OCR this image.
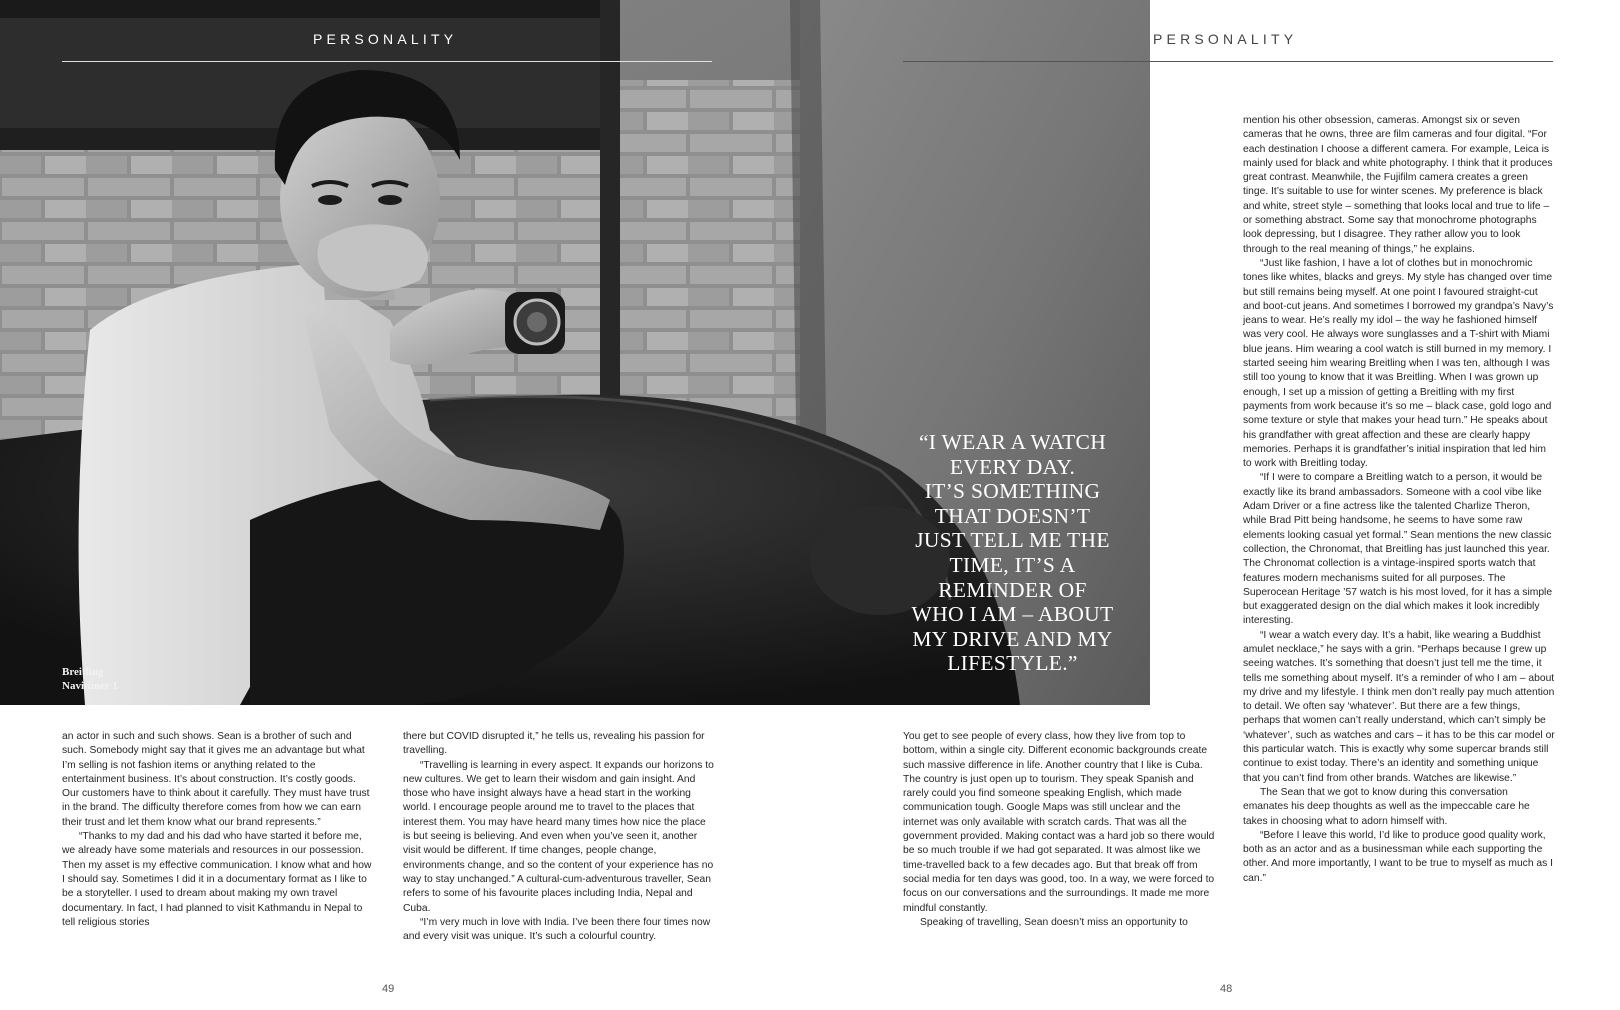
Breitling
Navitimer 1
“I WEAR A WATCH
EVERY DAY.
IT’S SOMETHING
THAT DOESN’T
JUST TELL ME THE
TIME, IT’S A
REMINDER OF
WHO I AM – ABOUT
MY DRIVE AND MY
LIFESTYLE.”
PERSONALITY	PERSONALITY

an actor in such and such shows. Sean is a brother of such and such. Somebody might say that it gives me an advantage but what I’m selling is not fashion items or anything related to the entertainment business. It’s about construction. It’s costly goods. Our customers have to think about it carefully. They must have trust in the brand. The difficulty therefore comes from how we can earn their trust and let them know what our brand represents.”

“Thanks to my dad and his dad who have started it before me, we already have some materials and resources in our possession. Then my asset is my effective communication. I know what and how I should say. Sometimes I did it in a documentary format as I like to be a storyteller. I used to dream about making my own travel documentary. In fact, I had planned to visit Kathmandu in Nepal to tell religious stories

there but COVID disrupted it,” he tells us, revealing his passion for travelling.

“Travelling is learning in every aspect. It expands our horizons to new cultures. We get to learn their wisdom and gain insight. And those who have insight always have a head start in the working world. I encourage people around me to travel to the places that interest them. You may have heard many times how nice the place is but seeing is believing. And even when you’ve seen it, another visit would be different. If time changes, people change, environments change, and so the content of your experience has no way to stay unchanged.” A cultural-cum-adventurous traveller, Sean refers to some of his favourite places including India, Nepal and Cuba.

“I’m very much in love with India. I’ve been there four times now and every visit was unique. It’s such a colourful country.

You get to see people of every class, how they live from top to bottom, within a single city. Different economic backgrounds create such massive difference in life. Another country that I like is Cuba. The country is just open up to tourism. They speak Spanish and rarely could you find someone speaking English, which made communication tough. Google Maps was still unclear and the internet was only available with scratch cards. That was all the government provided. Making contact was a hard job so there would be so much trouble if we had got separated. It was almost like we time-travelled back to a few decades ago. But that break off from social media for ten days was good, too. In a way, we were forced to focus on our conversations and the surroundings. It made me more mindful constantly.

Speaking of travelling, Sean doesn’t miss an opportunity to

mention his other obsession, cameras. Amongst six or seven cameras that he owns, three are film cameras and four digital. “For each destination I choose a different camera. For example, Leica is mainly used for black and white photography. I think that it produces great contrast. Meanwhile, the Fujifilm camera creates a green tinge. It’s suitable to use for winter scenes. My preference is black and white, street style – something that looks local and true to life – or something abstract. Some say that monochrome photographs look depressing, but I disagree. They rather allow you to look through to the real meaning of things,” he explains.

“Just like fashion, I have a lot of clothes but in monochromic tones like whites, blacks and greys. My style has changed over time but still remains being myself. At one point I favoured straight-cut and boot-cut jeans. And sometimes I borrowed my grandpa’s Navy’s jeans to wear. He’s really my idol – the way he fashioned himself was very cool. He always wore sunglasses and a T-shirt with Miami blue jeans. Him wearing a cool watch is still burned in my memory. I started seeing him wearing Breitling when I was ten, although I was still too young to know that it was Breitling. When I was grown up enough, I set up a mission of getting a Breitling with my first payments from work because it’s so me – black case, gold logo and some texture or style that makes your head turn.” He speaks about his grandfather with great affection and these are clearly happy memories. Perhaps it is grandfather’s initial inspiration that led him to work with Breitling today.

“If I were to compare a Breitling watch to a person, it would be exactly like its brand ambassadors. Someone with a cool vibe like Adam Driver or a fine actress like the talented Charlize Theron, while Brad Pitt being handsome, he seems to have some raw elements looking casual yet formal.” Sean mentions the new classic collection, the Chronomat, that Breitling has just launched this year. The Chronomat collection is a vintage-inspired sports watch that features modern mechanisms suited for all purposes. The Superocean Heritage ’57 watch is his most loved, for it has a simple but exaggerated design on the dial which makes it look incredibly interesting.

“I wear a watch every day. It’s a habit, like wearing a Buddhist amulet necklace,” he says with a grin. “Perhaps because I grew up seeing watches. It’s something that doesn’t just tell me the time, it tells me something about myself. It’s a reminder of who I am – about my drive and my lifestyle. I think men don’t really pay much attention to detail. We often say ‘whatever’. But there are a few things, perhaps that women can’t really understand, which can’t simply be ‘whatever’, such as watches and cars – it has to be this car model or this particular watch. This is exactly why some supercar brands still continue to exist today. There’s an identity and something unique that you can’t find from other brands. Watches are likewise.”

The Sean that we got to know during this conversation emanates his deep thoughts as well as the impeccable care he takes in choosing what to adorn himself with.

“Before I leave this world, I’d like to produce good quality work, both as an actor and as a businessman while each supporting the other. And more importantly, I want to be true to myself as much as I can.”

49	48
